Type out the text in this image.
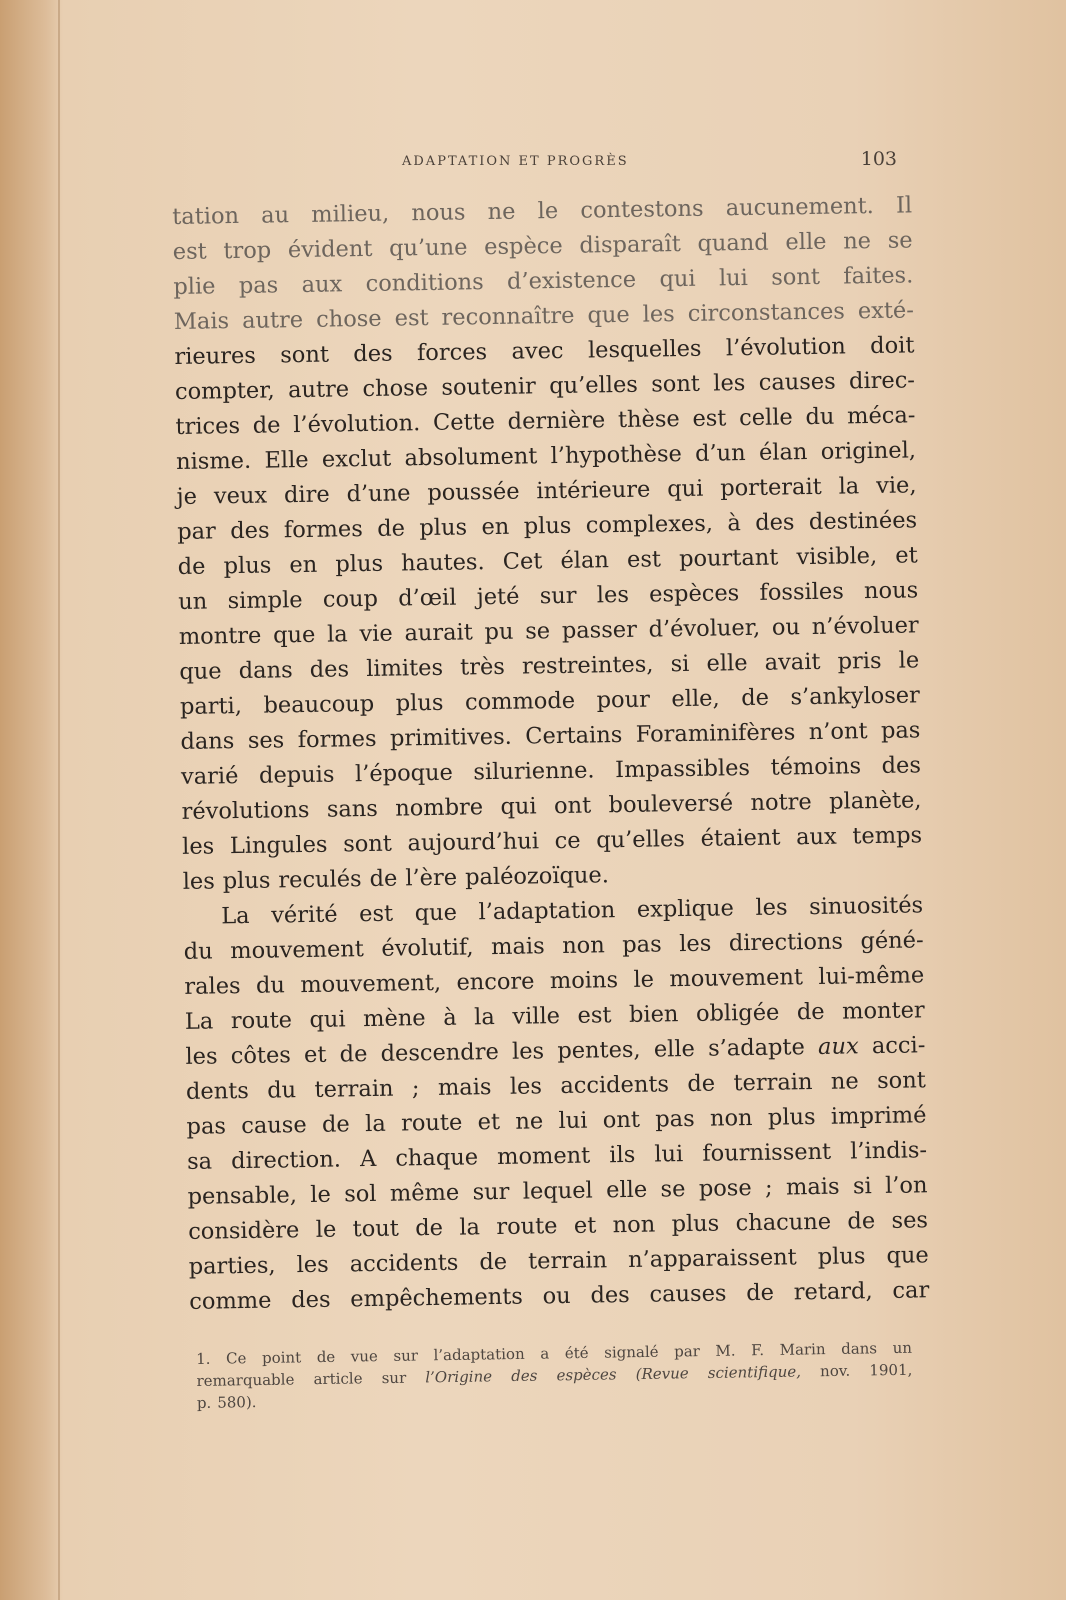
ADAPTATION ET PROGRÈS	103
tation au milieu, nous ne le contestons aucunement. Il
est trop évident qu’une espèce disparaît quand elle ne se
plie pas aux conditions d’existence qui lui sont faites.
Mais autre chose est reconnaître que les circonstances exté-
rieures sont des forces avec lesquelles l’évolution doit
compter, autre chose soutenir qu’elles sont les causes direc-
trices de l’évolution. Cette dernière thèse est celle du méca-
nisme. Elle exclut absolument l’hypothèse d’un élan originel,
je veux dire d’une poussée intérieure qui porterait la vie,
par des formes de plus en plus complexes, à des destinées
de plus en plus hautes. Cet élan est pourtant visible, et
un simple coup d’œil jeté sur les espèces fossiles nous
montre que la vie aurait pu se passer d’évoluer, ou n’évoluer
que dans des limites très restreintes, si elle avait pris le
parti, beaucoup plus commode pour elle, de s’ankyloser
dans ses formes primitives. Certains Foraminifères n’ont pas
varié depuis l’époque silurienne. Impassibles témoins des
révolutions sans nombre qui ont bouleversé notre planète,
les Lingules sont aujourd’hui ce qu’elles étaient aux temps
les plus reculés de l’ère paléozoïque.
La vérité est que l’adaptation explique les sinuosités
du mouvement évolutif, mais non pas les directions géné-
rales du mouvement, encore moins le mouvement lui-même
La route qui mène à la ville est bien obligée de monter
les côtes et de descendre les pentes, elle s’adapte aux acci-
dents du terrain ; mais les accidents de terrain ne sont
pas cause de la route et ne lui ont pas non plus imprimé
sa direction. A chaque moment ils lui fournissent l’indis-
pensable, le sol même sur lequel elle se pose ; mais si l’on
considère le tout de la route et non plus chacune de ses
parties, les accidents de terrain n’apparaissent plus que
comme des empêchements ou des causes de retard, car
1. Ce point de vue sur l’adaptation a été signalé par M. F. Marin dans un
remarquable article sur l’Origine des espèces (Revue scientifique, nov. 1901,
p. 580).
